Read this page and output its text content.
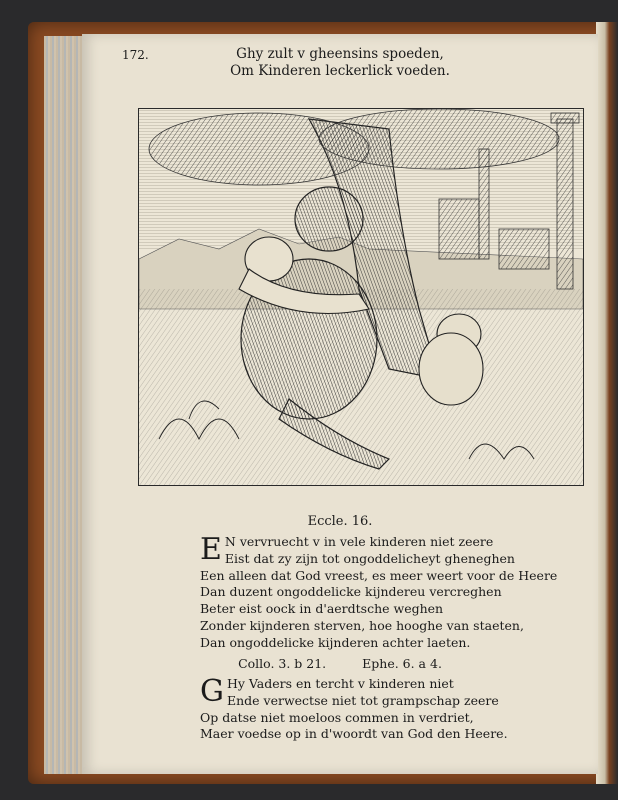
172.	Ghy zult v gheensins spoeden,
Om Kinderen leckerlick voeden.
Eccle. 16.
E N vervruecht v in vele kinderen niet zeere
Eist dat zy zijn tot ongoddelicheyt gheneghen
Een alleen dat God vreest, es meer weert voor de Heere
Dan duzent ongoddelicke kijndereu vercreghen
Beter eist oock in d'aerdtsche weghen
Zonder kijnderen sterven, hoe hooghe van staeten,
Dan ongoddelicke kijnderen achter laeten.
Collo. 3. b 21.	Ephe. 6. a 4.
G Hy Vaders en tercht v kinderen niet
Ende verwectse niet tot grampschap zeere
Op datse niet moeloos commen in verdriet,
Maer voedse op in d'woordt van God den Heere.
